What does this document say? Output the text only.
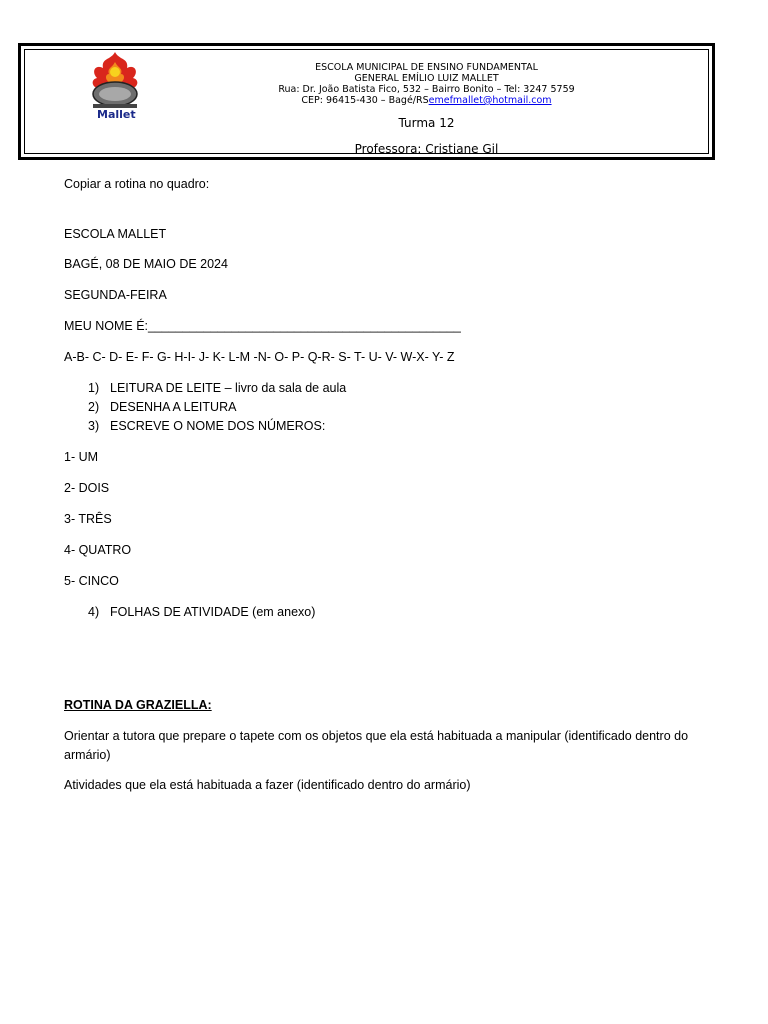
Mallet
ESCOLA MUNICIPAL DE ENSINO FUNDAMENTAL
GENERAL EMÍLIO LUIZ MALLET
Rua: Dr. João Batista Fico, 532 – Bairro Bonito – Tel: 3247 5759
CEP: 96415-430 – Bagé/RSemefmallet@hotmail.com
Turma 12
Professora: Cristiane Gil
Copiar a rotina no quadro:
ESCOLA MALLET
BAGÉ, 08 DE MAIO DE 2024
SEGUNDA-FEIRA
MEU NOME É:_____________________________________________
A-B- C- D- E- F- G- H-I- J- K- L-M -N- O- P- Q-R- S- T- U- V- W-X- Y- Z
1) LEITURA DE LEITE – livro da sala de aula
2) DESENHA A LEITURA
3) ESCREVE O NOME DOS NÚMEROS:
1- UM
2- DOIS
3- TRÊS
4- QUATRO
5- CINCO
4) FOLHAS DE ATIVIDADE (em anexo)
ROTINA DA GRAZIELLA:
Orientar a tutora que prepare o tapete com os objetos que ela está habituada a manipular (identificado dentro do armário)
Atividades que ela está habituada a fazer (identificado dentro do armário)
